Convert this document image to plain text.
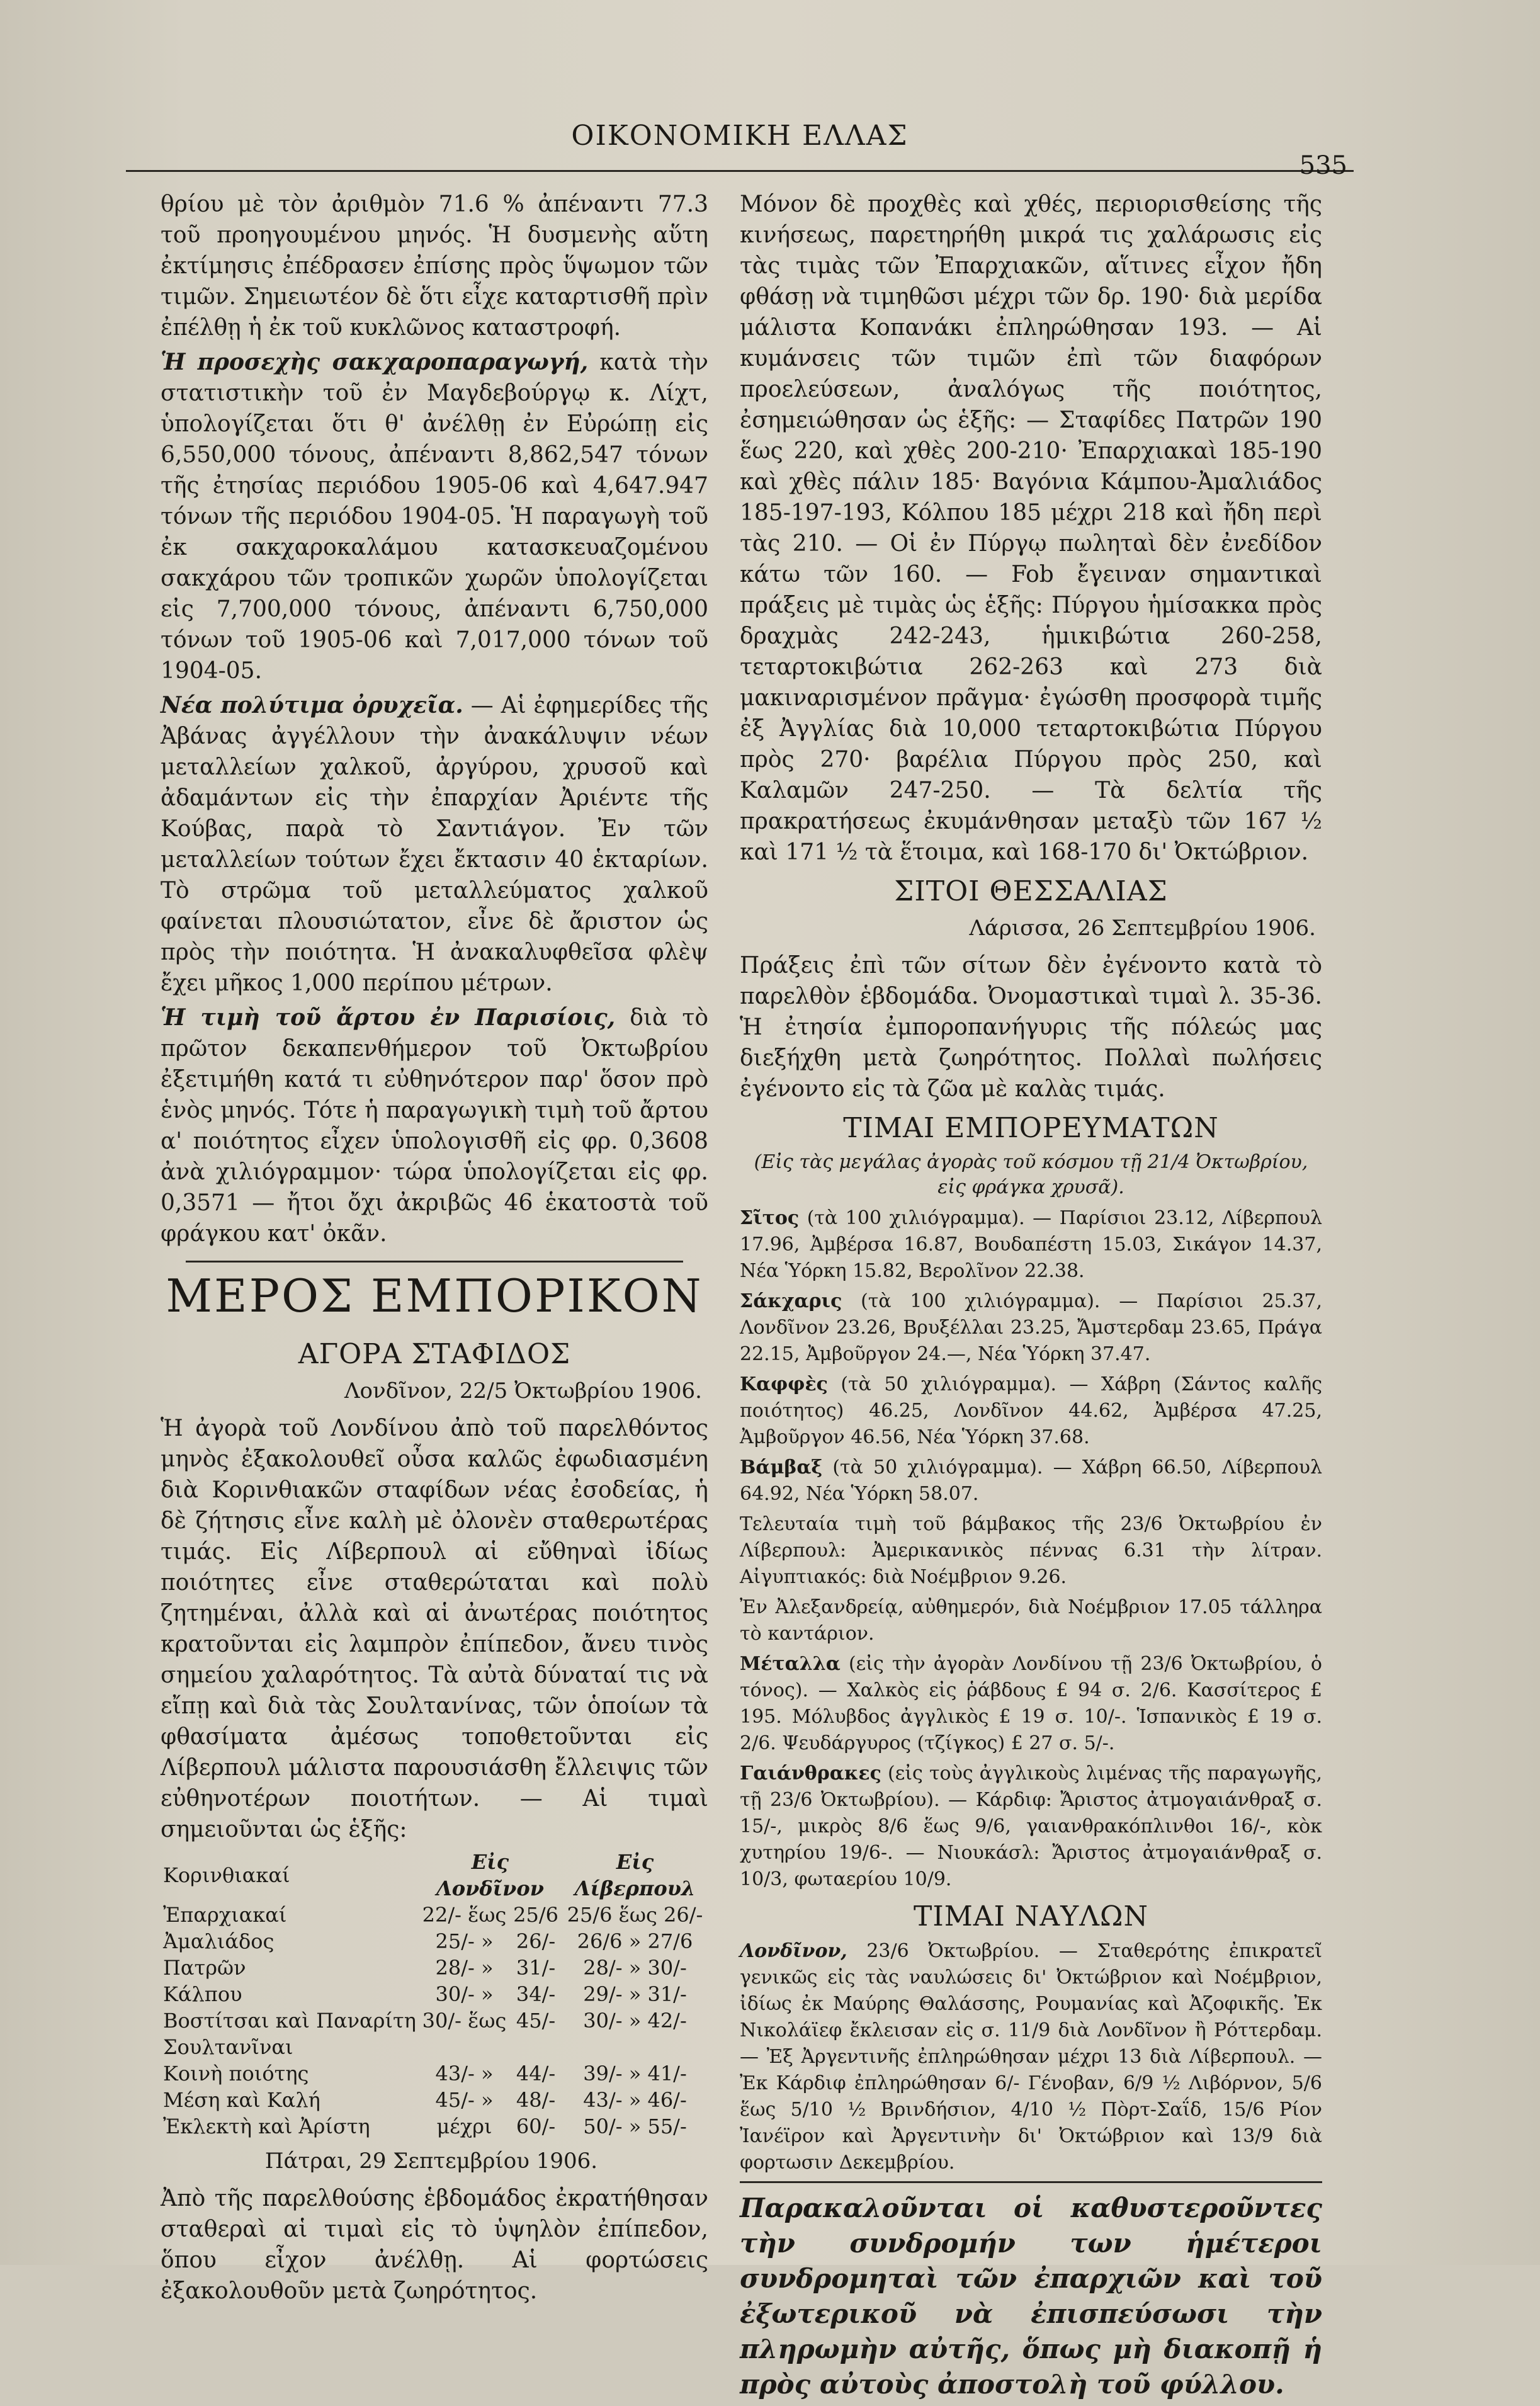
ΟΙΚΟΝΟΜΙΚΗ ΕΛΛΑΣ
535

θρίου μὲ τὸν ἀριθμὸν 71.6 % ἀπέναντι 77.3 τοῦ προηγουμένου μηνός. Ἡ δυσμενὴς αὕτη ἐκτίμησις ἐπέδρασεν ἐπίσης πρὸς ὕψωμον τῶν τιμῶν. Σημειωτέον δὲ ὅτι εἶχε καταρτισθῆ πρὶν ἐπέλθῃ ἡ ἐκ τοῦ κυκλῶνος καταστροφή.

Ἡ προσεχὴς σακχαροπαραγωγή, κατὰ τὴν στατιστικὴν τοῦ ἐν Μαγδεβούργῳ κ. Λίχτ, ὑπολογίζεται ὅτι θ' ἀνέλθῃ ἐν Εὐρώπῃ εἰς 6,550,000 τόνους, ἀπέναντι 8,862,547 τόνων τῆς ἐτησίας περιόδου 1905-06 καὶ 4,647.947 τόνων τῆς περιόδου 1904-05. Ἡ παραγωγὴ τοῦ ἐκ σακχαροκαλάμου κατασκευαζομένου σακχάρου τῶν τροπικῶν χωρῶν ὑπολογίζεται εἰς 7,700,000 τόνους, ἀπέναντι 6,750,000 τόνων τοῦ 1905-06 καὶ 7,017,000 τόνων τοῦ 1904-05.

Νέα πολύτιμα ὀρυχεῖα. — Αἱ ἐφημερίδες τῆς Ἀβάνας ἀγγέλλουν τὴν ἀνακάλυψιν νέων μεταλλείων χαλκοῦ, ἀργύρου, χρυσοῦ καὶ ἀδαμάντων εἰς τὴν ἐπαρχίαν Ἀριέντε τῆς Κούβας, παρὰ τὸ Σαντιάγον. Ἐν τῶν μεταλλείων τούτων ἔχει ἔκτασιν 40 ἑκταρίων. Τὸ στρῶμα τοῦ μεταλλεύματος χαλκοῦ φαίνεται πλουσιώτατον, εἶνε δὲ ἄριστον ὡς πρὸς τὴν ποιότητα. Ἡ ἀνακαλυφθεῖσα φλὲψ ἔχει μῆκος 1,000 περίπου μέτρων.

Ἡ τιμὴ τοῦ ἄρτου ἐν Παρισίοις, διὰ τὸ πρῶτον δεκαπενθήμερον τοῦ Ὀκτωβρίου ἐξετιμήθη κατά τι εὐθηνότερον παρ' ὅσον πρὸ ἑνὸς μηνός. Τότε ἡ παραγωγικὴ τιμὴ τοῦ ἄρτου α' ποιότητος εἶχεν ὑπολογισθῆ εἰς φρ. 0,3608 ἀνὰ χιλιόγραμμον· τώρα ὑπολογίζεται εἰς φρ. 0,3571 — ἤτοι ὄχι ἀκριβῶς 46 ἑκατοστὰ τοῦ φράγκου κατ' ὀκᾶν.

ΜΕΡΟΣ ΕΜΠΟΡΙΚΟΝ
ΑΓΟΡΑ ΣΤΑΦΙΔΟΣ
Λονδῖνον, 22/5 Ὀκτωβρίου 1906.

Ἡ ἀγορὰ τοῦ Λονδίνου ἀπὸ τοῦ παρελθόντος μηνὸς ἐξακολουθεῖ οὖσα καλῶς ἐφωδιασμένη διὰ Κορινθιακῶν σταφίδων νέας ἐσοδείας, ἡ δὲ ζήτησις εἶνε καλὴ μὲ ὀλονὲν σταθερωτέρας τιμάς. Εἰς Λίβερπουλ αἱ εὔθηναὶ ἰδίως ποιότητες εἶνε σταθερώταται καὶ πολὺ ζητημέναι, ἀλλὰ καὶ αἱ ἀνωτέρας ποιότητος κρατοῦνται εἰς λαμπρὸν ἐπίπεδον, ἄνευ τινὸς σημείου χαλαρότητος. Τὰ αὐτὰ δύναταί τις νὰ εἴπῃ καὶ διὰ τὰς Σουλτανίνας, τῶν ὁποίων τὰ φθασίματα ἀμέσως τοποθετοῦνται εἰς Λίβερπουλ μάλιστα παρουσιάσθη ἔλλειψις τῶν εὐθηνοτέρων ποιοτήτων. — Αἱ τιμαὶ σημειοῦνται ὡς ἑξῆς:

Κορινθιακαί	Εἰς Λονδῖνον		Εἰς Λίβερπουλ
Ἐπαρχιακαί	22/- ἕως	25/6	25/6 ἕως 26/-
Ἀμαλιάδος	25/- »	26/-	26/6 » 27/6
Πατρῶν	28/- »	31/-	28/- » 30/-
Κάλπου	30/- »	34/-	29/- » 31/-
Βοστίτσαι καὶ Παναρίτη	30/- ἕως	45/-	30/- » 42/-
Σουλτανῖναι			
Κοινὴ ποιότης	43/- »	44/-	39/- » 41/-
Μέση καὶ Καλή	45/- »	48/-	43/- » 46/-
Ἐκλεκτὴ καὶ Ἀρίστη	μέχρι	60/-	50/- » 55/-
Πάτραι, 29 Σεπτεμβρίου 1906.

Ἀπὸ τῆς παρελθούσης ἑβδομάδος ἐκρατήθησαν σταθεραὶ αἱ τιμαὶ εἰς τὸ ὑψηλὸν ἐπίπεδον, ὅπου εἶχον ἀνέλθῃ. Αἱ φορτώσεις ἐξακολουθοῦν μετὰ ζωηρότητος.

Μόνον δὲ προχθὲς καὶ χθές, περιορισθείσης τῆς κινήσεως, παρετηρήθη μικρά τις χαλάρωσις εἰς τὰς τιμὰς τῶν Ἐπαρχιακῶν, αἵτινες εἶχον ἤδη φθάσῃ νὰ τιμηθῶσι μέχρι τῶν δρ. 190· διὰ μερίδα μάλιστα Κοπανάκι ἐπληρώθησαν 193. — Αἱ κυμάνσεις τῶν τιμῶν ἐπὶ τῶν διαφόρων προελεύσεων, ἀναλόγως τῆς ποιότητος, ἐσημειώθησαν ὡς ἑξῆς: — Σταφίδες Πατρῶν 190 ἕως 220, καὶ χθὲς 200-210· Ἐπαρχιακαὶ 185-190 καὶ χθὲς πάλιν 185· Βαγόνια Κάμπου-Ἀμαλιάδος 185-197-193, Κόλπου 185 μέχρι 218 καὶ ἤδη περὶ τὰς 210. — Οἱ ἐν Πύργῳ πωληταὶ δὲν ἐνεδίδον κάτω τῶν 160. — Fob ἔγειναν σημαντικαὶ πράξεις μὲ τιμὰς ὡς ἑξῆς: Πύργου ἡμίσακκα πρὸς δραχμὰς 242-243, ἡμικιβώτια 260-258, τεταρτοκιβώτια 262-263 καὶ 273 διὰ μακιναρισμένον πρᾶγμα· ἐγώσθη προσφορὰ τιμῆς ἐξ Ἀγγλίας διὰ 10,000 τεταρτοκιβώτια Πύργου πρὸς 270· βαρέλια Πύργου πρὸς 250, καὶ Καλαμῶν 247-250. — Τὰ δελτία τῆς πρακρατήσεως ἐκυμάνθησαν μεταξὺ τῶν 167 ½ καὶ 171 ½ τὰ ἕτοιμα, καὶ 168-170 δι' Ὀκτώβριον.

ΣΙΤΟΙ ΘΕΣΣΑΛΙΑΣ
Λάρισσα, 26 Σεπτεμβρίου 1906.

Πράξεις ἐπὶ τῶν σίτων δὲν ἐγένοντο κατὰ τὸ παρελθὸν ἑβδομάδα. Ὀνομαστικαὶ τιμαὶ λ. 35-36. Ἡ ἐτησία ἐμποροπανήγυρις τῆς πόλεώς μας διεξήχθη μετὰ ζωηρότητος. Πολλαὶ πωλήσεις ἐγένοντο εἰς τὰ ζῶα μὲ καλὰς τιμάς.

ΤΙΜΑΙ ΕΜΠΟΡΕΥΜΑΤΩΝ
(Εἰς τὰς μεγάλας ἀγορὰς τοῦ κόσμου τῇ 21/4 Ὀκτωβρίου, εἰς φράγκα χρυσᾶ).

Σῖτος (τὰ 100 χιλιόγραμμα). — Παρίσιοι 23.12, Λίβερπουλ 17.96, Ἀμβέρσα 16.87, Βουδαπέστη 15.03, Σικάγον 14.37, Νέα Ὑόρκη 15.82, Βερολῖνον 22.38.

Σάκχαρις (τὰ 100 χιλιόγραμμα). — Παρίσιοι 25.37, Λονδῖνον 23.26, Βρυξέλλαι 23.25, Ἄμστερδαμ 23.65, Πράγα 22.15, Ἀμβοῦργον 24.—, Νέα Ὑόρκη 37.47.

Καφφὲς (τὰ 50 χιλιόγραμμα). — Χάβρη (Σάντος καλῆς ποιότητος) 46.25, Λονδῖνον 44.62, Ἀμβέρσα 47.25, Ἀμβοῦργον 46.56, Νέα Ὑόρκη 37.68.

Βάμβαξ (τὰ 50 χιλιόγραμμα). — Χάβρη 66.50, Λίβερπουλ 64.92, Νέα Ὑόρκη 58.07.

Τελευταία τιμὴ τοῦ βάμβακος τῆς 23/6 Ὀκτωβρίου ἐν Λίβερπουλ: Ἀμερικανικὸς πέννας 6.31 τὴν λίτραν. Αἰγυπτιακός: διὰ Νοέμβριον 9.26.

Ἐν Ἀλεξανδρείᾳ, αὐθημερόν, διὰ Νοέμβριον 17.05 τάλληρα τὸ καντάριον.

Μέταλλα (εἰς τὴν ἀγορὰν Λονδίνου τῇ 23/6 Ὀκτωβρίου, ὁ τόνος). — Χαλκὸς εἰς ῥάβδους £ 94 σ. 2/6. Κασσίτερος £ 195. Μόλυβδος ἀγγλικὸς £ 19 σ. 10/-. Ἱσπανικὸς £ 19 σ. 2/6. Ψευδάργυρος (τζίγκος) £ 27 σ. 5/-.

Γαιάνθρακες (εἰς τοὺς ἀγγλικοὺς λιμένας τῆς παραγωγῆς, τῇ 23/6 Ὀκτωβρίου). — Κάρδιφ: Ἄριστος ἀτμογαιάνθραξ σ. 15/-, μικρὸς 8/6 ἕως 9/6, γαιανθρακόπλινθοι 16/-, κὸκ χυτηρίου 19/6-. — Νιουκάσλ: Ἄριστος ἀτμογαιάνθραξ σ. 10/3, φωταερίου 10/9.

ΤΙΜΑΙ ΝΑΥΛΩΝ

Λονδῖνον, 23/6 Ὀκτωβρίου. — Σταθερότης ἐπικρατεῖ γενικῶς εἰς τὰς ναυλώσεις δι' Ὀκτώβριον καὶ Νοέμβριον, ἰδίως ἐκ Μαύρης Θαλάσσης, Ρουμανίας καὶ Ἀζοφικῆς. Ἐκ Νικολάϊεφ ἔκλεισαν εἰς σ. 11/9 διὰ Λονδῖνον ἢ Ρόττερδαμ.— Ἐξ Ἀργεντινῆς ἐπληρώθησαν μέχρι 13 διὰ Λίβερπουλ. — Ἐκ Κάρδιφ ἐπληρώθησαν 6/- Γένοβαν, 6/9 ½ Λιβόρνον, 5/6 ἕως 5/10 ½ Βρινδήσιον, 4/10 ½ Πὸρτ-Σαΐδ, 15/6 Ρίον Ἰανέϊρον καὶ Ἀργεντινὴν δι' Ὀκτώβριον καὶ 13/9 διὰ φορτωσιν Δεκεμβρίου.

Παρακαλοῦνται οἱ καθυστεροῦντες τὴν συνδρομήν των ἡμέτεροι συνδρομηταὶ τῶν ἐπαρχιῶν καὶ τοῦ ἐξωτερικοῦ νὰ ἐπισπεύσωσι τὴν πληρωμὴν αὐτῆς, ὅπως μὴ διακοπῇ ἡ πρὸς αὐτοὺς ἀποστολὴ τοῦ φύλλου.
